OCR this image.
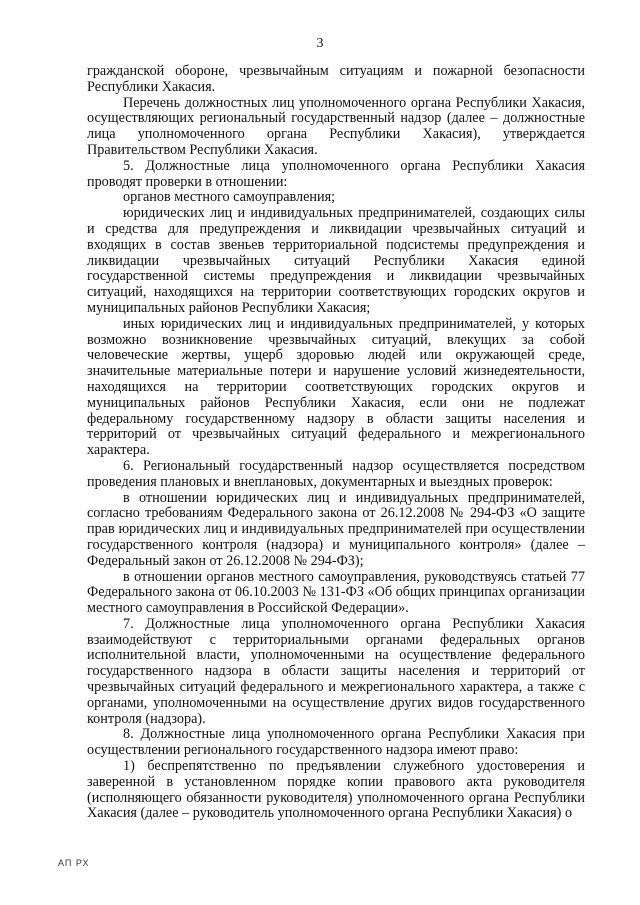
3

гражданской обороне, чрезвычайным ситуациям и пожарной безопасности Республики Хакасия.

Перечень должностных лиц уполномоченного органа Республики Хакасия, осуществляющих региональный государственный надзор (далее – должностные лица уполномоченного органа Республики Хакасия), утверждается Правительством Республики Хакасия.

5. Должностные лица уполномоченного органа Республики Хакасия проводят проверки в отношении:

органов местного самоуправления;

юридических лиц и индивидуальных предпринимателей, создающих силы и средства для предупреждения и ликвидации чрезвычайных ситуаций и входящих в состав звеньев территориальной подсистемы предупреждения и ликвидации чрезвычайных ситуаций Республики Хакасия единой государственной системы предупреждения и ликвидации чрезвычайных ситуаций, находящихся на территории соответствующих городских округов и муниципальных районов Республики Хакасия;

иных юридических лиц и индивидуальных предпринимателей, у которых возможно возникновение чрезвычайных ситуаций, влекущих за собой человеческие жертвы, ущерб здоровью людей или окружающей среде, значительные материальные потери и нарушение условий жизнедеятельности, находящихся на территории соответствующих городских округов и муниципальных районов Республики Хакасия, если они не подлежат федеральному государственному надзору в области защиты населения и территорий от чрезвычайных ситуаций федерального и межрегионального характера.

6. Региональный государственный надзор осуществляется посредством проведения плановых и внеплановых, документарных и выездных проверок:

в отношении юридических лиц и индивидуальных предпринимателей, согласно требованиям Федерального закона от 26.12.2008 № 294-ФЗ «О защите прав юридических лиц и индивидуальных предпринимателей при осуществлении государственного контроля (надзора) и муниципального контроля» (далее – Федеральный закон от 26.12.2008 № 294-ФЗ);

в отношении органов местного самоуправления, руководствуясь статьей 77 Федерального закона от 06.10.2003 № 131-ФЗ «Об общих принципах организации местного самоуправления в Российской Федерации».

7. Должностные лица уполномоченного органа Республики Хакасия взаимодействуют с территориальными органами федеральных органов исполнительной власти, уполномоченными на осуществление федерального государственного надзора в области защиты населения и территорий от чрезвычайных ситуаций федерального и межрегионального характера, а также с органами, уполномоченными на осуществление других видов государственного контроля (надзора).

8. Должностные лица уполномоченного органа Республики Хакасия при осуществлении регионального государственного надзора имеют право:

1) беспрепятственно по предъявлении служебного удостоверения и заверенной в установленном порядке копии правового акта руководителя (исполняющего обязанности руководителя) уполномоченного органа Республики Хакасия (далее – руководитель уполномоченного органа Республики Хакасия) о

АП РХ
